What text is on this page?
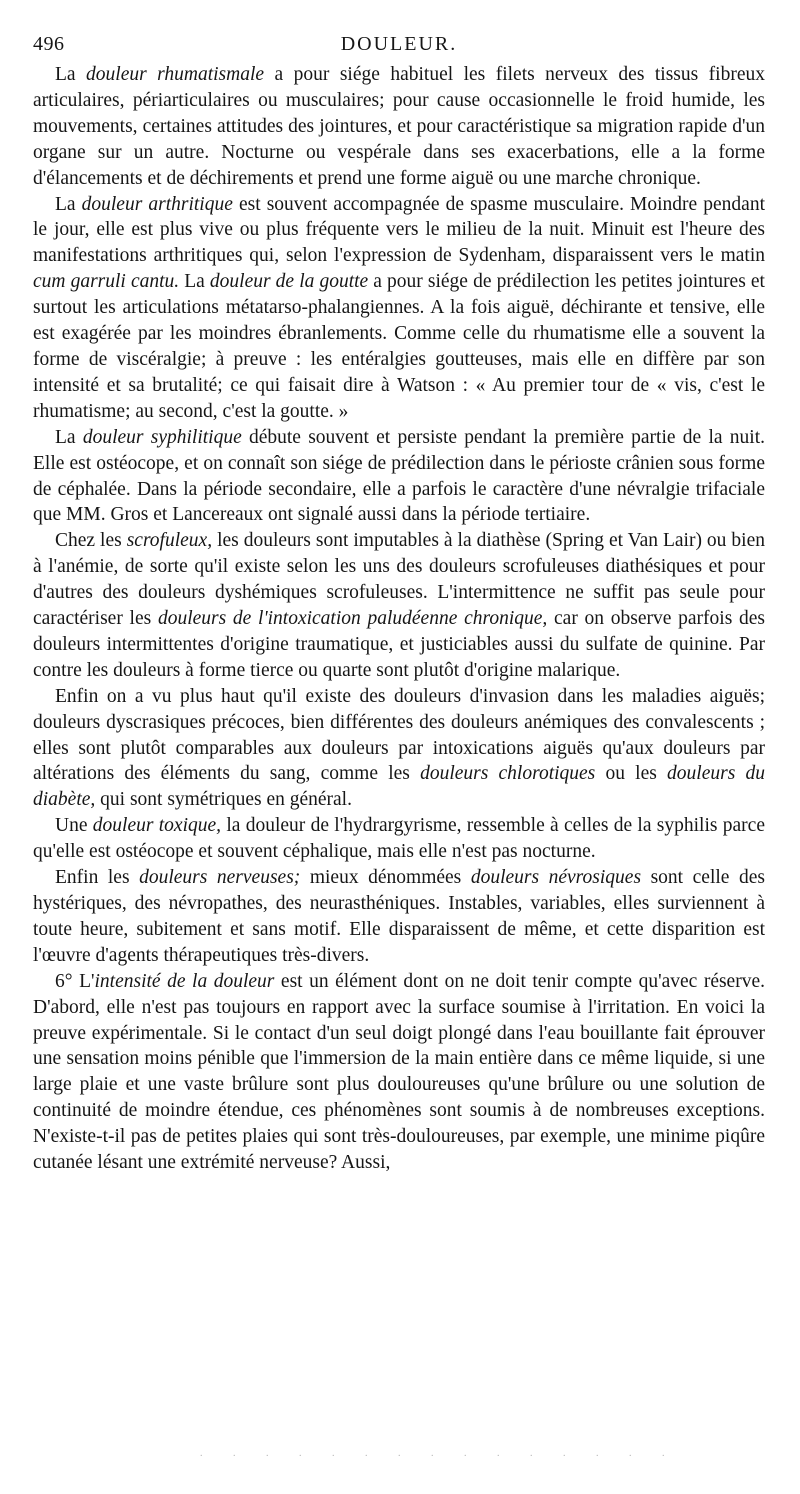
496	DOULEUR.

La douleur rhumatismale a pour siége habituel les filets nerveux des tissus fibreux articulaires, périarticulaires ou musculaires; pour cause occasionnelle le froid humide, les mouvements, certaines attitudes des jointures, et pour caractéristique sa migration rapide d'un organe sur un autre. Nocturne ou vespérale dans ses exacerbations, elle a la forme d'élancements et de déchirements et prend une forme aiguë ou une marche chronique.

La douleur arthritique est souvent accompagnée de spasme musculaire. Moindre pendant le jour, elle est plus vive ou plus fréquente vers le milieu de la nuit. Minuit est l'heure des manifestations arthritiques qui, selon l'expression de Sydenham, disparaissent vers le matin cum garruli cantu. La douleur de la goutte a pour siége de prédilection les petites jointures et surtout les articulations métatarso-phalangiennes. A la fois aiguë, déchirante et tensive, elle est exagérée par les moindres ébranlements. Comme celle du rhumatisme elle a souvent la forme de viscéralgie; à preuve : les entéralgies goutteuses, mais elle en diffère par son intensité et sa brutalité; ce qui faisait dire à Watson : « Au premier tour de « vis, c'est le rhumatisme; au second, c'est la goutte. »

La douleur syphilitique débute souvent et persiste pendant la première partie de la nuit. Elle est ostéocope, et on connaît son siége de prédilection dans le périoste crânien sous forme de céphalée. Dans la période secondaire, elle a parfois le caractère d'une névralgie trifaciale que MM. Gros et Lancereaux ont signalé aussi dans la période tertiaire.

Chez les scrofuleux, les douleurs sont imputables à la diathèse (Spring et Van Lair) ou bien à l'anémie, de sorte qu'il existe selon les uns des douleurs scrofuleuses diathésiques et pour d'autres des douleurs dyshémiques scrofuleuses. L'intermittence ne suffit pas seule pour caractériser les douleurs de l'intoxication paludéenne chronique, car on observe parfois des douleurs intermittentes d'origine traumatique, et justiciables aussi du sulfate de quinine. Par contre les douleurs à forme tierce ou quarte sont plutôt d'origine malarique.

Enfin on a vu plus haut qu'il existe des douleurs d'invasion dans les maladies aiguës; douleurs dyscrasiques précoces, bien différentes des douleurs anémiques des convalescents ; elles sont plutôt comparables aux douleurs par intoxications aiguës qu'aux douleurs par altérations des éléments du sang, comme les douleurs chlorotiques ou les douleurs du diabète, qui sont symétriques en général.

Une douleur toxique, la douleur de l'hydrargyrisme, ressemble à celles de la syphilis parce qu'elle est ostéocope et souvent céphalique, mais elle n'est pas nocturne.

Enfin les douleurs nerveuses; mieux dénommées douleurs névrosiques sont celle des hystériques, des névropathes, des neurasthéniques. Instables, variables, elles surviennent à toute heure, subitement et sans motif. Elle disparaissent de même, et cette disparition est l'œuvre d'agents thérapeutiques très-divers.

6° L'intensité de la douleur est un élément dont on ne doit tenir compte qu'avec réserve. D'abord, elle n'est pas toujours en rapport avec la surface soumise à l'irritation. En voici la preuve expérimentale. Si le contact d'un seul doigt plongé dans l'eau bouillante fait éprouver une sensation moins pénible que l'immersion de la main entière dans ce même liquide, si une large plaie et une vaste brûlure sont plus douloureuses qu'une brûlure ou une solution de continuité de moindre étendue, ces phénomènes sont soumis à de nombreuses exceptions. N'existe-t-il pas de petites plaies qui sont très-douloureuses, par exemple, une minime piqûre cutanée lésant une extrémité nerveuse? Aussi,

. . . . . . . . . . . . . . .
